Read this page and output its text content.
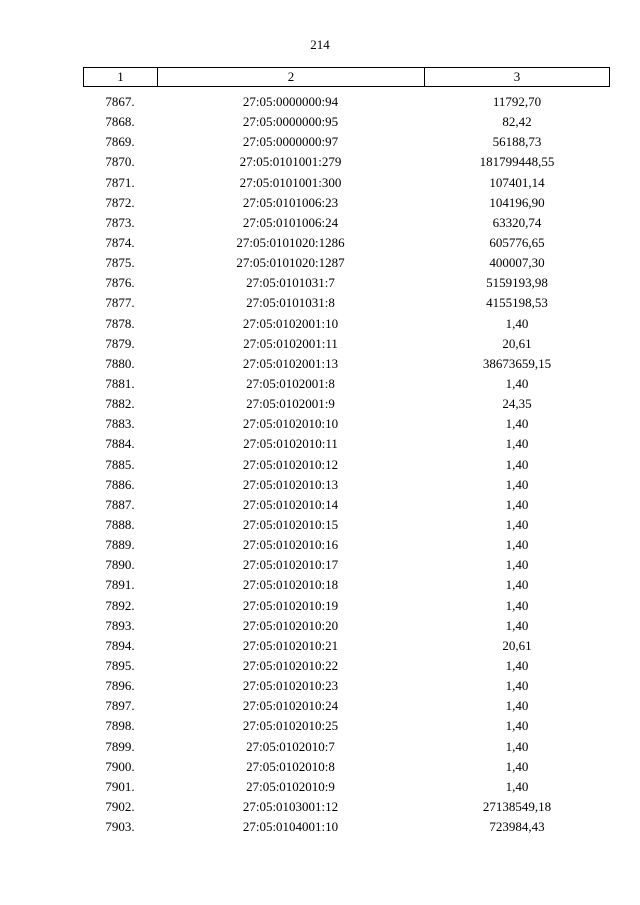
214
1	2	3
7867.	27:05:0000000:94	11792,70
7868.	27:05:0000000:95	82,42
7869.	27:05:0000000:97	56188,73
7870.	27:05:0101001:279	181799448,55
7871.	27:05:0101001:300	107401,14
7872.	27:05:0101006:23	104196,90
7873.	27:05:0101006:24	63320,74
7874.	27:05:0101020:1286	605776,65
7875.	27:05:0101020:1287	400007,30
7876.	27:05:0101031:7	5159193,98
7877.	27:05:0101031:8	4155198,53
7878.	27:05:0102001:10	1,40
7879.	27:05:0102001:11	20,61
7880.	27:05:0102001:13	38673659,15
7881.	27:05:0102001:8	1,40
7882.	27:05:0102001:9	24,35
7883.	27:05:0102010:10	1,40
7884.	27:05:0102010:11	1,40
7885.	27:05:0102010:12	1,40
7886.	27:05:0102010:13	1,40
7887.	27:05:0102010:14	1,40
7888.	27:05:0102010:15	1,40
7889.	27:05:0102010:16	1,40
7890.	27:05:0102010:17	1,40
7891.	27:05:0102010:18	1,40
7892.	27:05:0102010:19	1,40
7893.	27:05:0102010:20	1,40
7894.	27:05:0102010:21	20,61
7895.	27:05:0102010:22	1,40
7896.	27:05:0102010:23	1,40
7897.	27:05:0102010:24	1,40
7898.	27:05:0102010:25	1,40
7899.	27:05:0102010:7	1,40
7900.	27:05:0102010:8	1,40
7901.	27:05:0102010:9	1,40
7902.	27:05:0103001:12	27138549,18
7903.	27:05:0104001:10	723984,43
